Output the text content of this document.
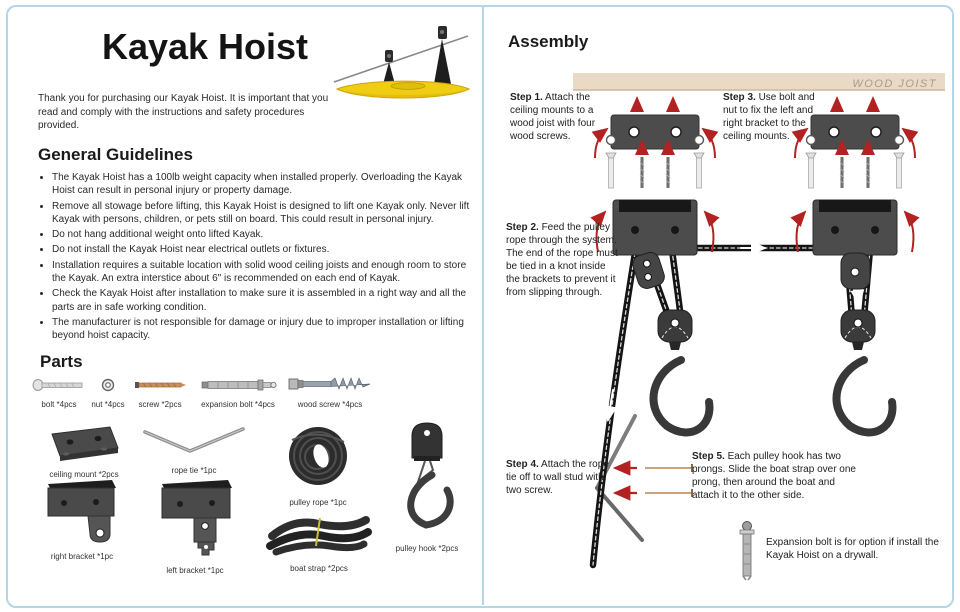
Kayak Hoist
Thank you for purchasing our Kayak Hoist. It is important that you read and comply with the instructions and safety procedures provided.
General Guidelines
• The Kayak Hoist has a 100lb weight capacity when installed properly. Overloading the Kayak Hoist can result in personal injury or property damage.
• Remove all stowage before lifting, this Kayak Hoist is designed to lift one Kayak only. Never lift Kayak with persons, children, or pets still on board. This could result in personal injury.
• Do not hang additional weight onto lifted Kayak.
• Do not install the Kayak Hoist near electrical outlets or fixtures.
• Installation requires a suitable location with solid wood ceiling joists and enough room to store the Kayak. An extra interstice about 6" is recommended on each end of Kayak.
• Check the Kayak Hoist after installation to make sure it is assembled in a right way and all the parts are in safe working condition.
• The manufacturer is not responsible for damage or injury due to improper installation or lifting beyond hoist capacity.
Parts
bolt *4pcs	nut *4pcs	screw *2pcs	expansion bolt *4pcs	wood screw *4pcs
ceiling mount *2pcs	rope tie *1pc
pulley rope *1pc
pulley hook *2pcs
right bracket *1pc
left bracket *1pc	boat strap *2pcs
Assembly
WOOD JOIST
Step 1. Attach the ceiling mounts to a wood joist with four wood screws.
Step 3. Use bolt and nut to fix the left and right bracket to the ceiling mounts.
Step 2. Feed the pulley rope through the system. The end of the rope must be tied in a knot inside the brackets to prevent it from slipping through.
Step 4. Attach the rope tie off to wall stud with two screw.
Step 5. Each pulley hook has two prongs. Slide the boat strap over one prong, then around the boat and attach it to the other side.
Expansion bolt is for option if install the Kayak Hoist on a drywall.
